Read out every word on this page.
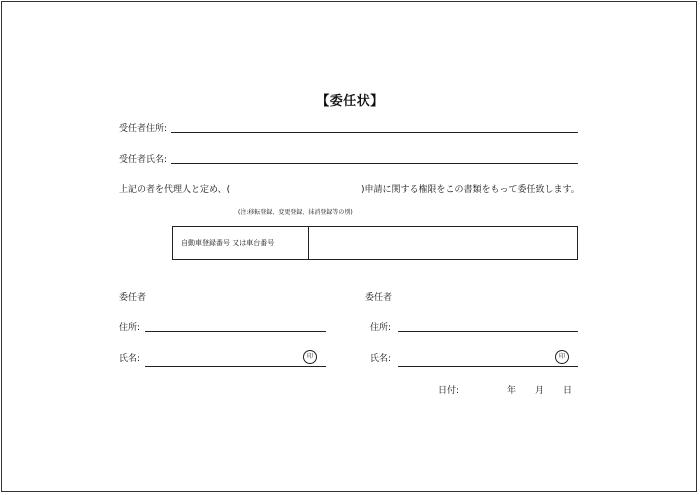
【委任状】
受任者住所:
受任者氏名:
上記の者を代理人と定め、(	)申請に関する権限をこの書類をもって委任致します。
(注:移転登録、変更登録、抹消登録等の別)
自動車登録番号 又は車台番号
委任者
住所:
氏名:	印
委任者
住所:
氏名:	印
日付:	年 月 日
